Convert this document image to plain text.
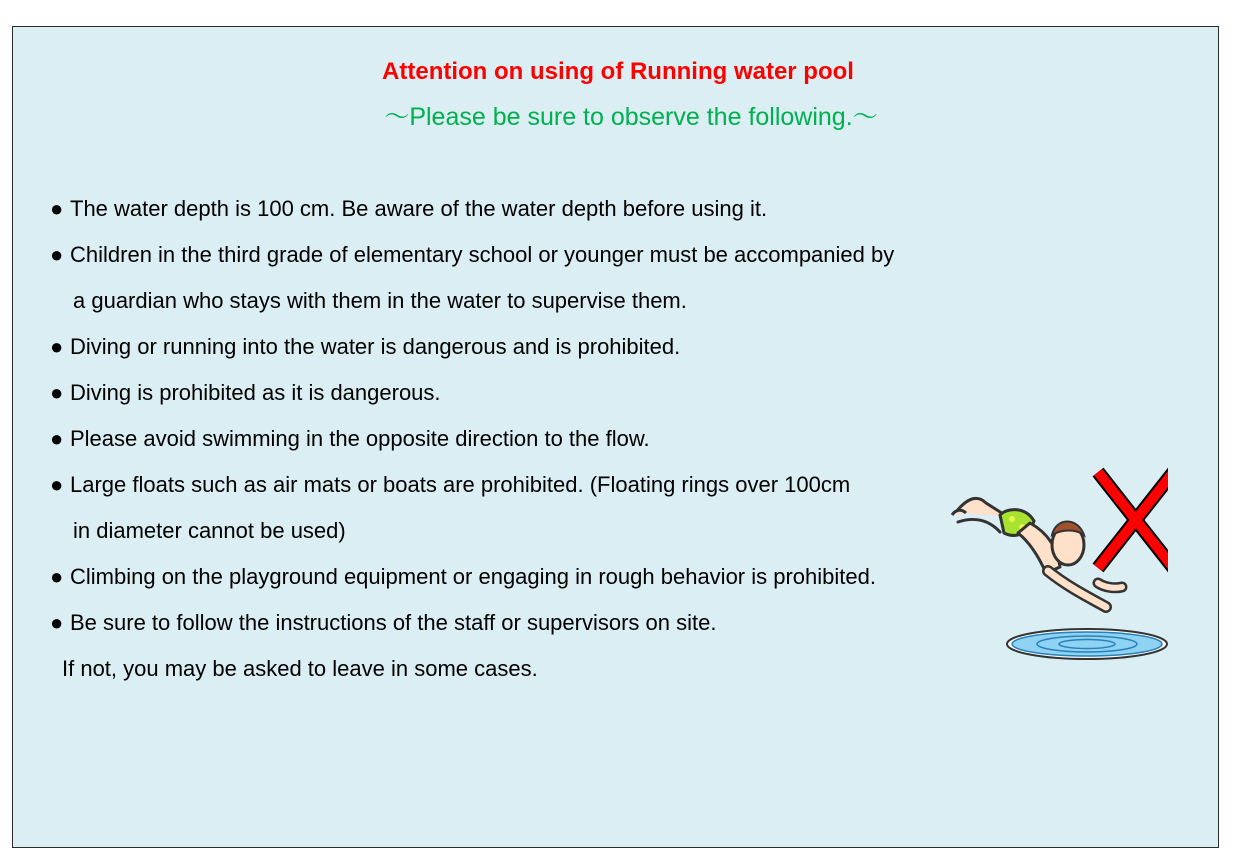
Attention on using of Running water pool
～Please be sure to observe the following.～
● The water depth is 100 cm. Be aware of the water depth before using it.
● Children in the third grade of elementary school or younger must be accompanied by
a guardian who stays with them in the water to supervise them.
● Diving or running into the water is dangerous and is prohibited.
● Diving is prohibited as it is dangerous.
● Please avoid swimming in the opposite direction to the flow.
● Large floats such as air mats or boats are prohibited. (Floating rings over 100cm
in diameter cannot be used)
● Climbing on the playground equipment or engaging in rough behavior is prohibited.
● Be sure to follow the instructions of the staff or supervisors on site.
If not, you may be asked to leave in some cases.
